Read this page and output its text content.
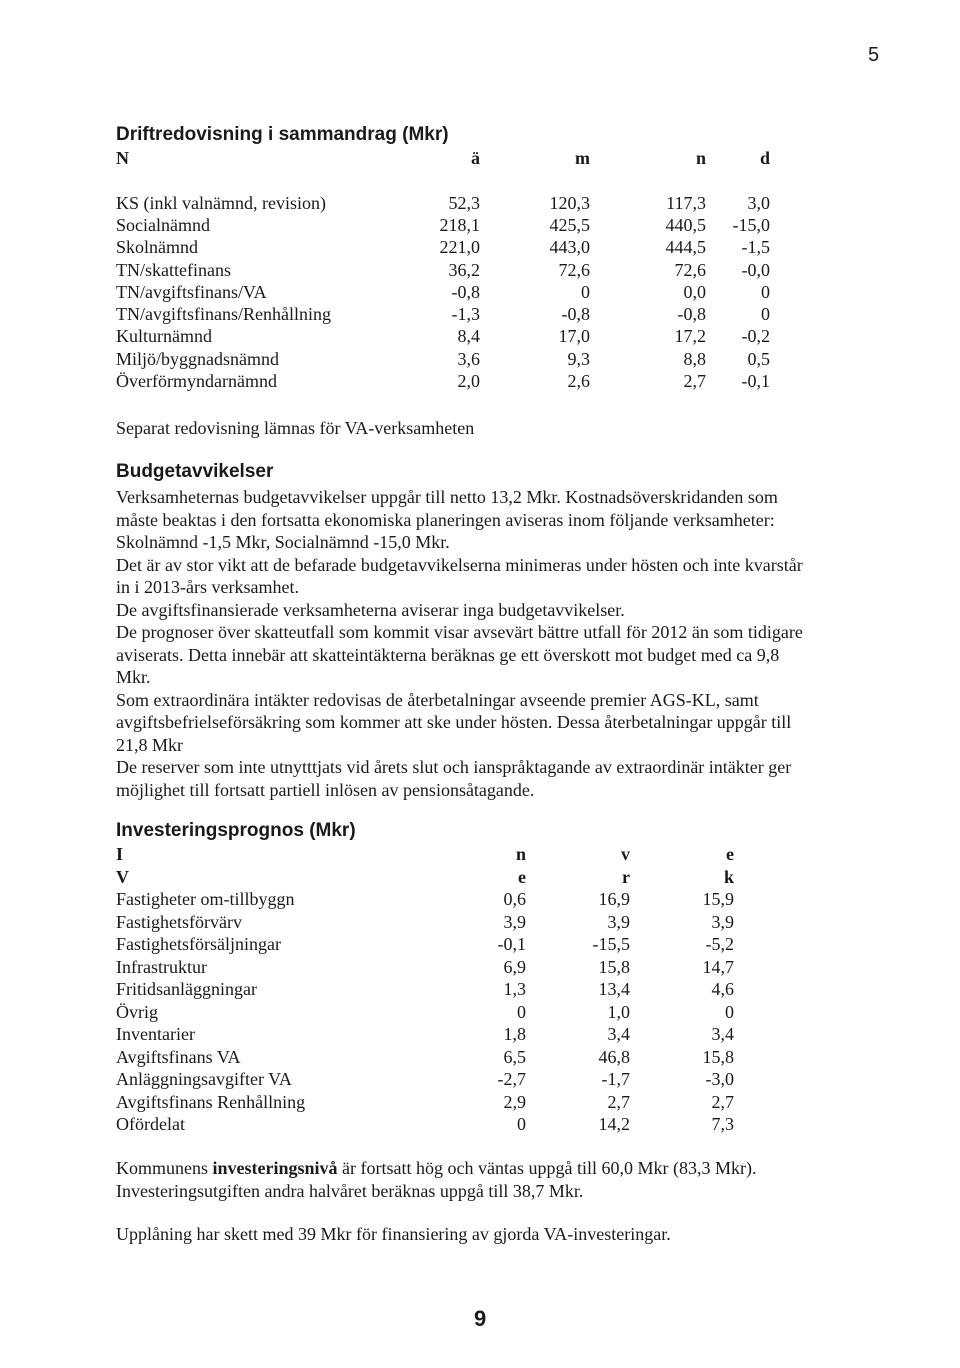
5
Driftredovisning i sammandrag (Mkr)
N	ä	m	n	d
KS (inkl valnämnd, revision)	52,3	120,3	117,3	3,0
Socialnämnd	218,1	425,5	440,5	-15,0
Skolnämnd	221,0	443,0	444,5	-1,5
TN/skattefinans	36,2	72,6	72,6	-0,0
TN/avgiftsfinans/VA	-0,8	0	0,0	0
TN/avgiftsfinans/Renhållning	-1,3	-0,8	-0,8	0
Kulturnämnd	8,4	17,0	17,2	-0,2
Miljö/byggnadsnämnd	3,6	9,3	8,8	0,5
Överförmyndarnämnd	2,0	2,6	2,7	-0,1
Separat redovisning lämnas för VA-verksamheten
Budgetavvikelser

Verksamheternas budgetavvikelser uppgår till netto 13,2 Mkr. Kostnadsöverskridanden som måste beaktas i den fortsatta ekonomiska planeringen aviseras inom följande verksamheter: Skolnämnd -1,5 Mkr, Socialnämnd -15,0 Mkr.

Det är av stor vikt att de befarade budgetavvikelserna minimeras under hösten och inte kvarstår in i 2013-års verksamhet.

De avgiftsfinansierade verksamheterna aviserar inga budgetavvikelser.

De prognoser över skatteutfall som kommit visar avsevärt bättre utfall för 2012 än som tidigare aviserats. Detta innebär att skatteintäkterna beräknas ge ett överskott mot budget med ca 9,8 Mkr.

Som extraordinära intäkter redovisas de återbetalningar avseende premier AGS-KL, samt avgiftsbefrielseförsäkring som kommer att ske under hösten. Dessa återbetalningar uppgår till 21,8 Mkr

De reserver som inte utnytttjats vid årets slut och ianspråktagande av extraordinär intäkter ger möjlighet till fortsatt partiell inlösen av pensionsåtagande.

Investeringsprognos (Mkr)
I	n	v	e
V	e	r	k
Fastigheter om-tillbyggn	0,6	16,9	15,9
Fastighetsförvärv	3,9	3,9	3,9
Fastighetsförsäljningar	-0,1	-15,5	-5,2
Infrastruktur	6,9	15,8	14,7
Fritidsanläggningar	1,3	13,4	4,6
Övrig	0	1,0	0
Inventarier	1,8	3,4	3,4
Avgiftsfinans VA	6,5	46,8	15,8
Anläggningsavgifter VA	-2,7	-1,7	-3,0
Avgiftsfinans Renhållning	2,9	2,7	2,7
Ofördelat	0	14,2	7,3

Kommunens investeringsnivå är fortsatt hög och väntas uppgå till 60,0 Mkr (83,3 Mkr).

Investeringsutgiften andra halvåret beräknas uppgå till 38,7 Mkr.

Upplåning har skett med 39 Mkr för finansiering av gjorda VA-investeringar.
9
